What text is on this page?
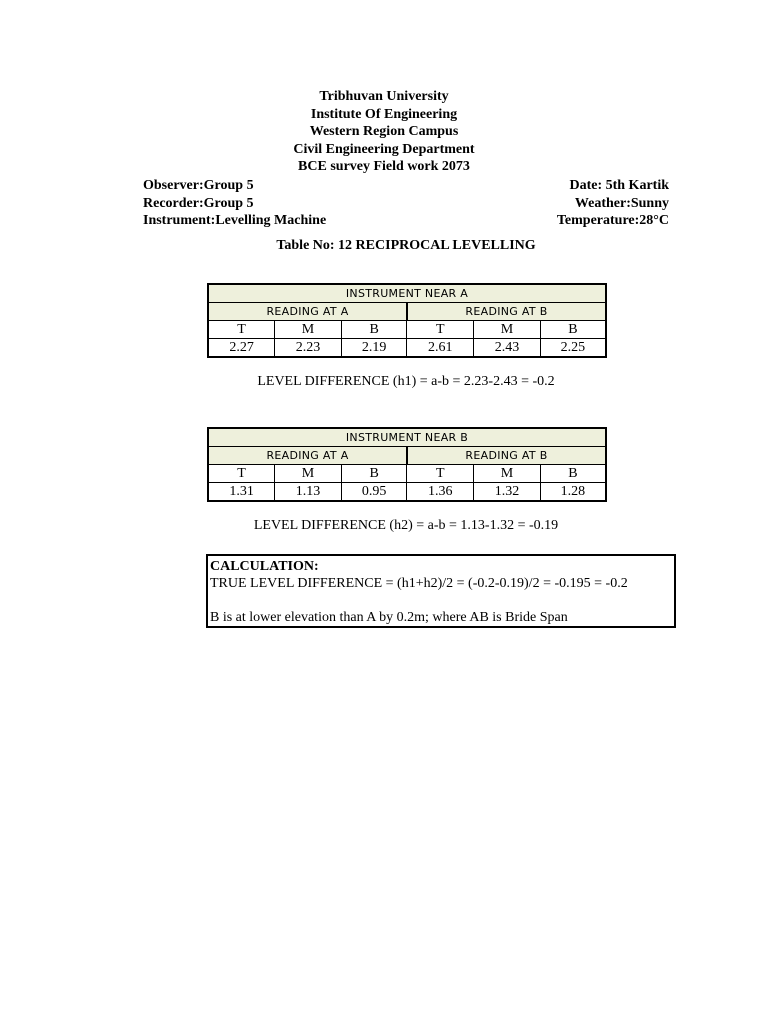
Tribhuvan University
Institute Of Engineering
Western Region Campus
Civil Engineering Department
BCE survey Field work 2073
Observer:Group 5
Recorder:Group 5
Instrument:Levelling Machine
Date: 5th Kartik
Weather:Sunny
Temperature:28°C
Table No: 12 RECIPROCAL LEVELLING
INSTRUMENT NEAR A					
READING AT A			READING AT B		
T	M	B	T	M	B
2.27	2.23	2.19	2.61	2.43	2.25
LEVEL DIFFERENCE (h1) = a-b = 2.23-2.43 = -0.2
INSTRUMENT NEAR B					
READING AT A			READING AT B		
T	M	B	T	M	B
1.31	1.13	0.95	1.36	1.32	1.28
LEVEL DIFFERENCE (h2) = a-b = 1.13-1.32 = -0.19
CALCULATION:
TRUE LEVEL DIFFERENCE = (h1+h2)/2 = (-0.2-0.19)/2 = -0.195 = -0.2
B is at lower elevation than A by 0.2m; where AB is Bride Span
